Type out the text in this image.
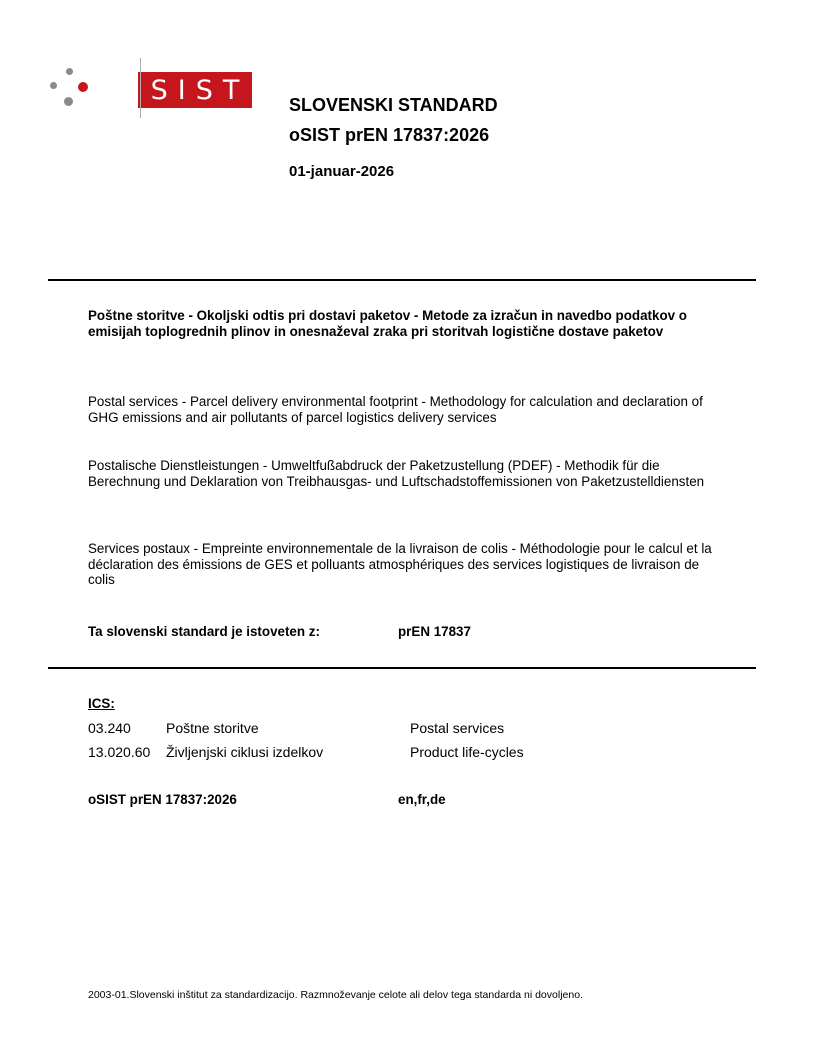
SIST SLOVENSKI STANDARD
oSIST prEN 17837:2026
01-januar-2026
Poštne storitve - Okoljski odtis pri dostavi paketov - Metode za izračun in navedbo podatkov o emisijah toplogrednih plinov in onesnaževal zraka pri storitvah logistične dostave paketov
Postal services - Parcel delivery environmental footprint - Methodology for calculation and declaration of GHG emissions and air pollutants of parcel logistics delivery services
Postalische Dienstleistungen - Umweltfußabdruck der Paketzustellung (PDEF) - Methodik für die Berechnung und Deklaration von Treibhausgas- und Luftschadstoffemissionen von Paketzustelldiensten
Services postaux - Empreinte environnementale de la livraison de colis - Méthodologie pour le calcul et la déclaration des émissions de GES et polluants atmosphériques des services logistiques de livraison de colis
Ta slovenski standard je istoveten z:	prEN 17837
ICS:
03.240	Poštne storitve	Postal services
13.020.60 Življenjski ciklusi izdelkov	Product life-cycles
oSIST prEN 17837:2026	en,fr,de
2003-01.Slovenski inštitut za standardizacijo. Razmnoževanje celote ali delov tega standarda ni dovoljeno.
